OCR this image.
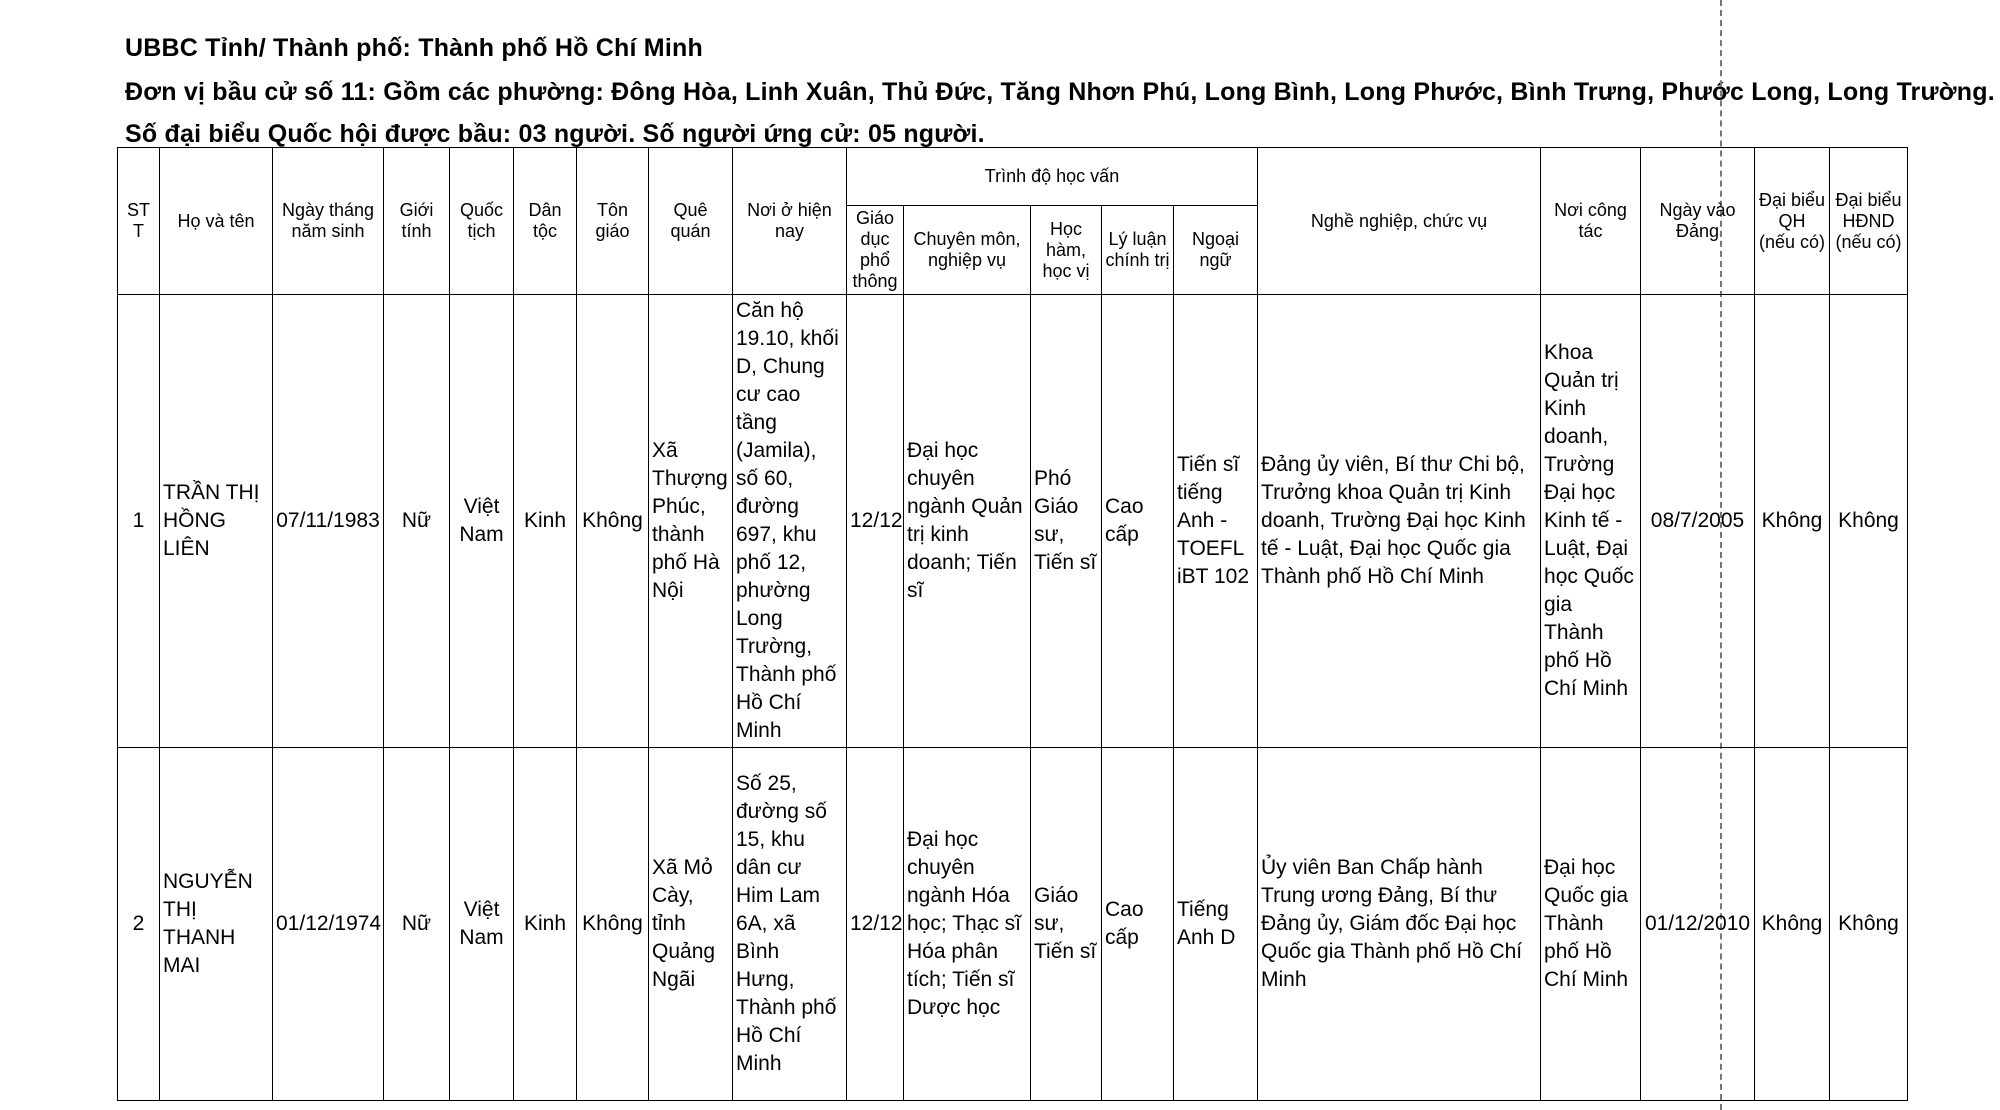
UBBC Tỉnh/ Thành phố: Thành phố Hồ Chí Minh
Đơn vị bầu cử số 11: Gồm các phường: Đông Hòa, Linh Xuân, Thủ Đức, Tăng Nhơn Phú, Long Bình, Long Phước, Bình Trưng, Phước Long, Long Trường.
Số đại biểu Quốc hội được bầu: 03 người. Số người ứng cử: 05 người.
ST T	Họ và tên	Ngày tháng năm sinh	Giới tính	Quốc tịch	Dân tộc	Tôn giáo	Quê quán	Nơi ở hiện nay	Trình độ học vấn					Nghề nghiệp, chức vụ	Nơi công tác	Ngày vào Đảng	Đại biểu QH (nếu có)	Đại biểu HĐND (nếu có)
									Giáo dục phổ thông	Chuyên môn, nghiệp vụ	Học hàm, học vị	Lý luận chính trị	Ngoại ngữ					
1	TRẦN THỊ HỒNG LIÊN	07/11/1983	Nữ	Việt Nam	Kinh	Không	Xã Thượng Phúc, thành phố Hà Nội	Căn hộ 19.10, khối D, Chung cư cao tầng (Jamila), số 60, đường 697, khu phố 12, phường Long Trường, Thành phố Hồ Chí Minh	12/12	Đại học chuyên ngành Quản trị kinh doanh; Tiến sĩ	Phó Giáo sư, Tiến sĩ	Cao cấp	Tiến sĩ tiếng Anh - TOEFL iBT 102	Đảng ủy viên, Bí thư Chi bộ, Trưởng khoa Quản trị Kinh doanh, Trường Đại học Kinh tế - Luật, Đại học Quốc gia Thành phố Hồ Chí Minh	Khoa Quản trị Kinh doanh, Trường Đại học Kinh tế - Luật, Đại học Quốc gia Thành phố Hồ Chí Minh	08/7/2005	Không	Không
2	NGUYỄN THỊ THANH MAI	01/12/1974	Nữ	Việt Nam	Kinh	Không	Xã Mỏ Cày, tỉnh Quảng Ngãi	Số 25, đường số 15, khu dân cư Him Lam 6A, xã Bình Hưng, Thành phố Hồ Chí Minh	12/12	Đại học chuyên ngành Hóa học; Thạc sĩ Hóa phân tích; Tiến sĩ Dược học	Giáo sư, Tiến sĩ	Cao cấp	Tiếng Anh D	Ủy viên Ban Chấp hành Trung ương Đảng, Bí thư Đảng ủy, Giám đốc Đại học Quốc gia Thành phố Hồ Chí Minh	Đại học Quốc gia Thành phố Hồ Chí Minh	01/12/2010	Không	Không
